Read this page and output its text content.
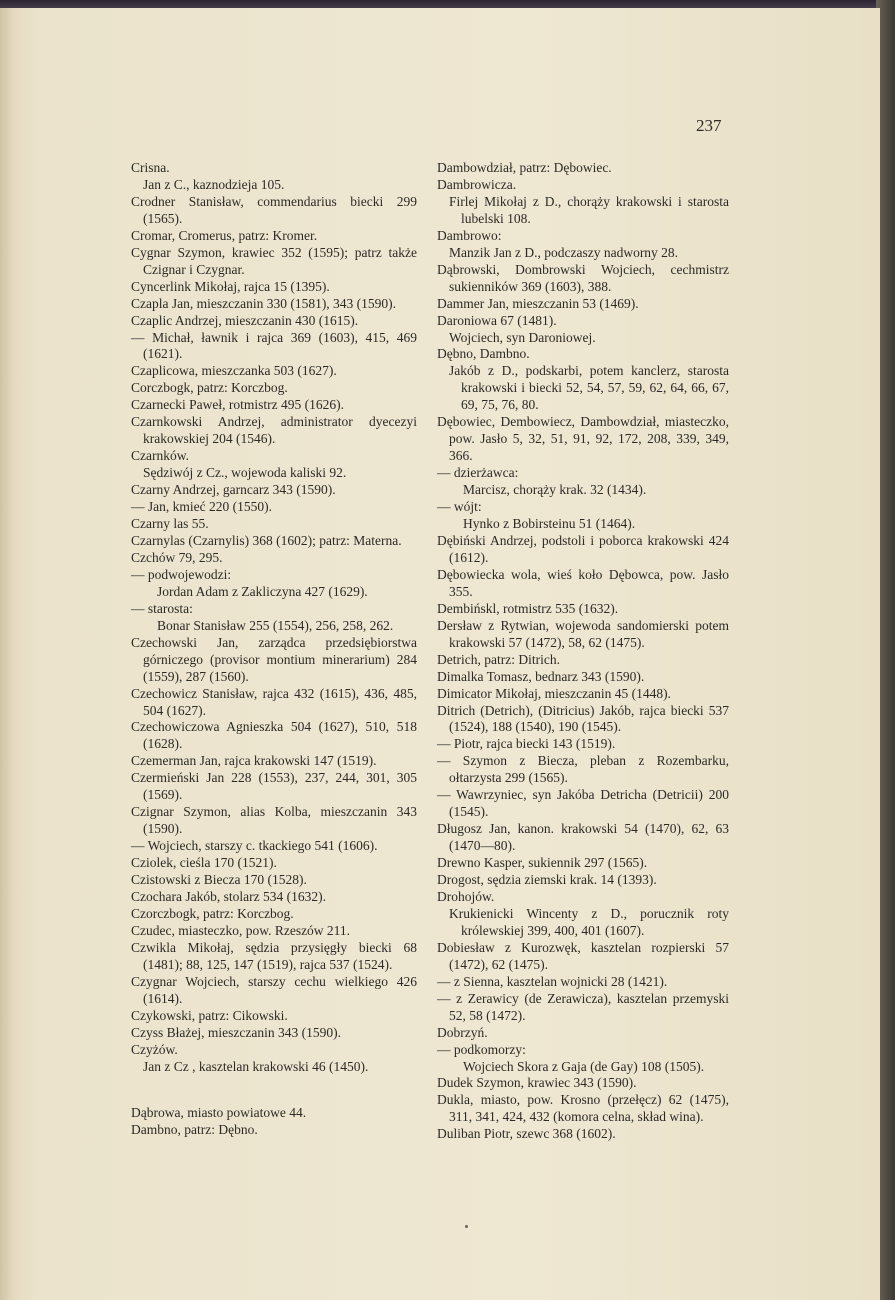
237
Crisna.
Jan z C., kaznodzieja 105.
Crodner Stanisław, commendarius biecki 299 (1565).
Cromar, Cromerus, patrz: Kromer.
Cygnar Szymon, krawiec 352 (1595); patrz także Czignar i Czygnar.
Cyncerlink Mikołaj, rajca 15 (1395).
Czapla Jan, mieszczanin 330 (1581), 343 (1590).
Czaplic Andrzej, mieszczanin 430 (1615).
— Michał, ławnik i rajca 369 (1603), 415, 469 (1621).
Czaplicowa, mieszczanka 503 (1627).
Corczbogk, patrz: Korczbog.
Czarnecki Paweł, rotmistrz 495 (1626).
Czarnkowski Andrzej, administrator dyecezyi krakowskiej 204 (1546).
Czarnków.
Sędziwój z Cz., wojewoda kaliski 92.
Czarny Andrzej, garncarz 343 (1590).
— Jan, kmieć 220 (1550).
Czarny las 55.
Czarnylas (Czarnylis) 368 (1602); patrz: Materna.
Czchów 79, 295.
— podwojewodzi:
Jordan Adam z Zakliczyna 427 (1629).
— starosta:
Bonar Stanisław 255 (1554), 256, 258, 262.
Czechowski Jan, zarządca przedsiębiorstwa górniczego (provisor montium minerarium) 284 (1559), 287 (1560).
Czechowicz Stanisław, rajca 432 (1615), 436, 485, 504 (1627).
Czechowiczowa Agnieszka 504 (1627), 510, 518 (1628).
Czemerman Jan, rajca krakowski 147 (1519).
Czermieński Jan 228 (1553), 237, 244, 301, 305 (1569).
Czignar Szymon, alias Kolba, mieszczanin 343 (1590).
— Wojciech, starszy c. tkackiego 541 (1606).
Cziolek, cieśla 170 (1521).
Czistowski z Biecza 170 (1528).
Czochara Jakób, stolarz 534 (1632).
Czorczbogk, patrz: Korczbog.
Czudec, miasteczko, pow. Rzeszów 211.
Czwikla Mikołaj, sędzia przysięgły biecki 68 (1481); 88, 125, 147 (1519), rajca 537 (1524).
Czygnar Wojciech, starszy cechu wielkiego 426 (1614).
Czykowski, patrz: Cikowski.
Czyss Błażej, mieszczanin 343 (1590).
Czyżów.
Jan z Cz , kasztelan krakowski 46 (1450).
Dąbrowa, miasto powiatowe 44.
Dambno, patrz: Dębno.
Dambowdział, patrz: Dębowiec.
Dambrowicza.
Firlej Mikołaj z D., chorąży krakowski i starosta lubelski 108.
Dambrowo:
Manzik Jan z D., podczaszy nadworny 28.
Dąbrowski, Dombrowski Wojciech, cechmistrz sukienników 369 (1603), 388.
Dammer Jan, mieszczanin 53 (1469).
Daroniowa 67 (1481).
Wojciech, syn Daroniowej.
Dębno, Dambno.
Jakób z D., podskarbi, potem kanclerz, starosta krakowski i biecki 52, 54, 57, 59, 62, 64, 66, 67, 69, 75, 76, 80.
Dębowiec, Dembowiecz, Dambowdział, miasteczko, pow. Jasło 5, 32, 51, 91, 92, 172, 208, 339, 349, 366.
— dzierżawca:
Marcisz, chorąży krak. 32 (1434).
— wójt:
Hynko z Bobirsteinu 51 (1464).
Dębiński Andrzej, podstoli i poborca krakowski 424 (1612).
Dębowiecka wola, wieś koło Dębowca, pow. Jasło 355.
Dembińskl, rotmistrz 535 (1632).
Dersław z Rytwian, wojewoda sandomierski potem krakowski 57 (1472), 58, 62 (1475).
Detrich, patrz: Ditrich.
Dimalka Tomasz, bednarz 343 (1590).
Dimicator Mikołaj, mieszczanin 45 (1448).
Ditrich (Detrich), (Ditricius) Jakób, rajca biecki 537 (1524), 188 (1540), 190 (1545).
— Piotr, rajca biecki 143 (1519).
— Szymon z Biecza, pleban z Rozembarku, ołtarzysta 299 (1565).
— Wawrzyniec, syn Jakóba Detricha (Detricii) 200 (1545).
Długosz Jan, kanon. krakowski 54 (1470), 62, 63 (1470—80).
Drewno Kasper, sukiennik 297 (1565).
Drogost, sędzia ziemski krak. 14 (1393).
Drohojów.
Krukienicki Wincenty z D., porucznik roty królewskiej 399, 400, 401 (1607).
Dobiesław z Kurozwęk, kasztelan rozpierski 57 (1472), 62 (1475).
— z Sienna, kasztelan wojnicki 28 (1421).
— z Zerawicy (de Zerawicza), kasztelan przemyski 52, 58 (1472).
Dobrzyń.
— podkomorzy:
Wojciech Skora z Gaja (de Gay) 108 (1505).
Dudek Szymon, krawiec 343 (1590).
Dukla, miasto, pow. Krosno (przełęcz) 62 (1475), 311, 341, 424, 432 (komora celna, skład wina).
Duliban Piotr, szewc 368 (1602).
